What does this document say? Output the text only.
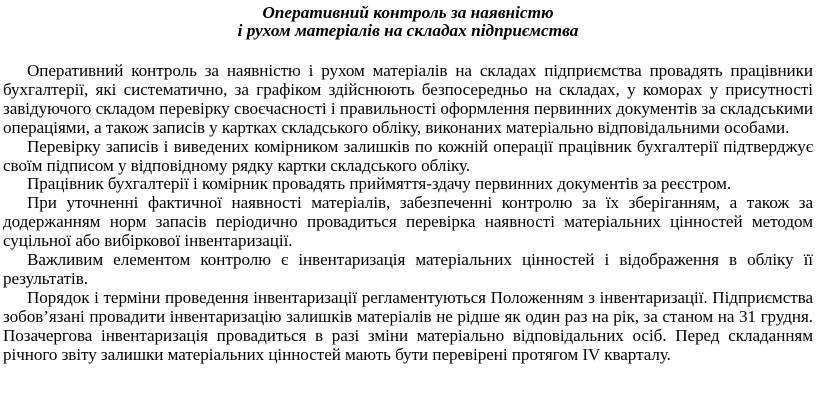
Оперативний контроль за наявністю

і рухом матеріалів на складах підприємства

Оперативний контроль за наявністю і рухом матеріалів на складах підприємства провадять працівники бухгалтерії, які систематично, за графіком здійснюють безпосередньо на складах, у коморах у присутності завідуючого складом перевірку своєчасності і правильності оформлення первинних документів за складськими операціями, а також записів у картках складського обліку, виконаних матеріально відповідальними особами.

Перевірку записів і виведених комірником залишків по кожній операції працівник бухгалтерії підтверджує своїм підписом у відповідному рядку картки складського обліку.

Працівник бухгалтерії і комірник провадять приймяття-здачу первинних документів за реєстром.

При уточненні фактичної наявності матеріалів, забезпеченні контролю за їх зберіганням, а також за додержанням норм запасів періодично провадиться перевірка наявності матеріальних цінностей методом суцільної або вибіркової інвентаризації.

Важливим елементом контролю є інвентаризація матеріальних цінностей і відображення в обліку її результатів.

Порядок і терміни проведення інвентаризації регламентуються Положенням з інвентаризації. Підприємства зобов’язані провадити інвентаризацію залишків матеріалів не рідше як один раз на рік, за станом на 31 грудня. Позачергова інвентаризація провадиться в разі зміни матеріально відповідальних осіб. Перед складанням річного звіту залишки матеріальних цінностей мають бути перевірені протягом IV кварталу.
